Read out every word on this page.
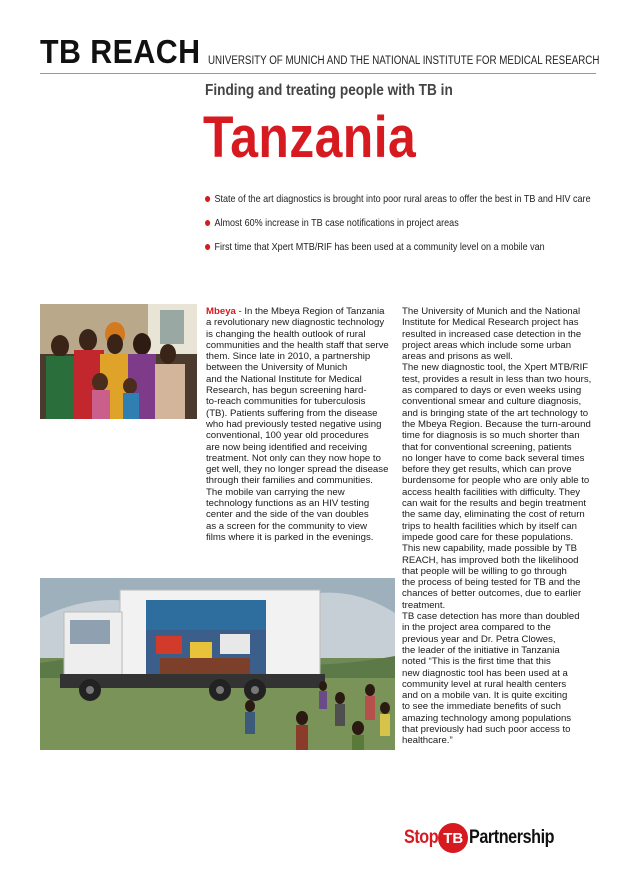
TB REACH UNIVERSITY OF MUNICH AND THE NATIONAL INSTITUTE FOR MEDICAL RESEARCH
Finding and treating people with TB in
Tanzania
State of the art diagnostics is brought into poor rural areas to offer the best in TB and HIV care
Almost 60% increase in TB case notifications in project areas
First time that Xpert MTB/RIF has been used at a community level on a mobile van

Mbeya - In the Mbeya Region of Tanzania
a revolutionary new diagnostic technology
is changing the health outlook of rural
communities and the health staff that serve
them. Since late in 2010, a partnership
between the University of Munich
and the National Institute for Medical
Research, has begun screening hard-
to-reach communities for tuberculosis
(TB). Patients suffering from the disease
who had previously tested negative using
conventional, 100 year old procedures
are now being identified and receiving
treatment. Not only can they now hope to
get well, they no longer spread the disease
through their families and communities.
The mobile van carrying the new
technology functions as an HIV testing
center and the side of the van doubles
as a screen for the community to view
films where it is parked in the evenings.

The University of Munich and the National
Institute for Medical Research project has
resulted in increased case detection in the
project areas which include some urban
areas and prisons as well.
The new diagnostic tool, the Xpert MTB/RIF
test, provides a result in less than two hours,
as compared to days or even weeks using
conventional smear and culture diagnosis,
and is bringing state of the art technology to
the Mbeya Region. Because the turn-around
time for diagnosis is so much shorter than
that for conventional screening, patients
no longer have to come back several times
before they get results, which can prove
burdensome for people who are only able to
access health facilities with difficulty. They
can wait for the results and begin treatment
the same day, eliminating the cost of return
trips to health facilities which by itself can
impede good care for these populations.
This new capability, made possible by TB
REACH, has improved both the likelihood
that people will be willing to go through
the process of being tested for TB and the
chances of better outcomes, due to earlier
treatment.
TB case detection has more than doubled
in the project area compared to the
previous year and Dr. Petra Clowes,
the leader of the initiative in Tanzania
noted “This is the first time that this
new diagnostic tool has been used at a
community level at rural health centers
and on a mobile van. It is quite exciting
to see the immediate benefits of such
amazing technology among populations
that previously had such poor access to
healthcare.”

Stop TB Partnership
